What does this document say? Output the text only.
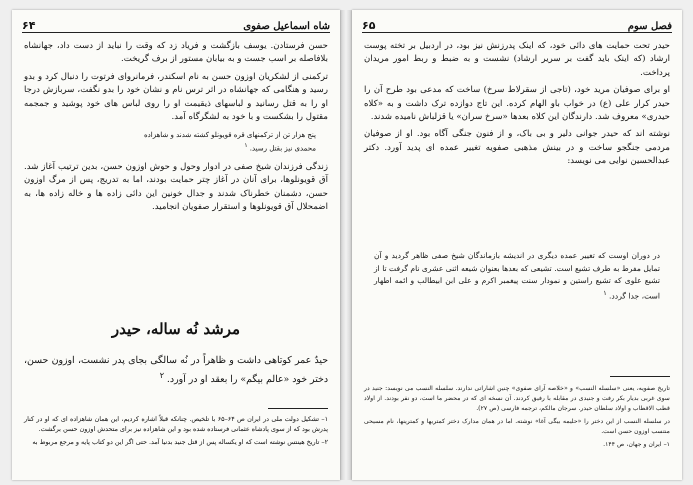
شاه اسماعیل صفوی
۶۴

حسن فرستادن. یوسف بازگشت و فریاد زد که وقت را نباید از دست داد، جهانشاه بلافاصله بر اسب جست و به بیابان مستور از برف گریخت.

ترکمنی از لشکریان اوزون حسن به نام اسکندر، فرمانروای فرتوت را دنبال کرد و بدو رسید و هنگامی که جهانشاه در اثر ترس نام و نشان خود را بدو نگفت، سربازش درجا او را به قتل رسانید و لباسهای ذیقیمت او را روی لباس های خود پوشید و جمجمه مقتول را بشکست و با خود به لشگرگاه آمد.

پنج هزار تن از ترکمنهای قره قویونلو کشته شدند و شاهزاده

محمدی نیز بقتل رسید. $^۱$

زندگی فرزندان شیخ صفی در ادوار وحول و حوش اوزون حسن، بدین ترتیب آغاز شد. آق قویونلوها، برای آنان در آغاز چتر حمایت بودند، اما به تدریج، پس از مرگ اوزون حسن، دشمنان خطرناک شدند و جدال خونین این دائی زاده ها و خاله زاده ها، به اضمحلال آق قویونلوها و استقرار صفویان انجامید.

مرشد نُه ساله، حیدر

حیدٌ عمر کوتاهی داشت و ظاهراً در نُه سالگی بجای پدر نشست، اوزون حسن، دختر خود «عالم بیگم» را بعقد او در آورد. $^۲$

۱– تشکیل دولت ملی در ایران ص ۶۴–۶۵ با تلخیص. چنانکه قبلاً اشاره کردیم، این همان شاهزاده ای که او در کنار پدرش بود که از سوی پادشاه عثمانی فرستاده شده بود و این شاهزاده نیز برای متحدش اوزون حسن برگشت.

۲– تاریخ هینتس نوشته است که او یکساله پس از قتل جنید بدنیا آمد. حتی اگر این دو کتاب پایه و مرجع مربوط به

فصل سوم
۶۵

حیدر تحت حمایت های دائی خود، که اینک پدرزنش نیز بود، در اردبیل بر تخته پوست ارشاد (که اینک باید گفت بر سریر ارشاد) نشست و به ضبط و ربط امور مریدان پرداخت.

او برای صوفیان مرید خود، (تاجی از سقرلاط سرخ) ساخت که مدعی بود طرح آن را حیدر کرار علی (ع) در خواب باو الهام کرده. این تاج دوازده ترک داشت و به «کلاه حیدری» معروف شد. دارندگان این کلاه بعدها «سرخ سران» یا قزلباش نامیده شدند.

نوشته اند که حیدر جوانی دلیر و بی باک، و از فنون جنگی آگاه بود. او از صوفیان مردمی جنگجو ساخت و در بینش مذهبی صفویه تغییر عمده ای پدید آورد. دکتر عبدالحسین نوایی می نویسد:

در دوران اوست که تغییر عمده دیگری در اندیشه بازماندگان شیخ صفی ظاهر گردید و آن تمایل مفرط به طرف تشیع است. تشیعی که بعدها بعنوان شیعه اثنی عشری نام گرفت تا از تشیع علوی که تشیع راستین و نمودار سنت پیغمبر اکرم و علی ابن ابیطالب و ائمه اطهار است، جدا گردد. $^۱$

تاریخ صفویه، یعنی «سلسله النسب» و «خلاصه آرای صفوی» چنین اشاراتی ندارند. سلسله النسب می نویسد: جنید در سوی غربی بدیار بکر رفت و جنیدی در مقابله با رفیق کردند. آن نسخه ای که در محضر ما است، دو نفر بودند. از اولاد قطب الاقطاب و اولاد سلطان حیدر. سرجان مالکم، ترجمه فارسی (ص ۲۷).

در سلسله النسب از این دختر را «حلیمه بیگی آغا» نوشته. اما در همان مدارک دختر کمتریها و کمترینها، نام مسیحی منتسب اوزون حسن است.

۱– ایران و جهان، ص ۱۴۴.
